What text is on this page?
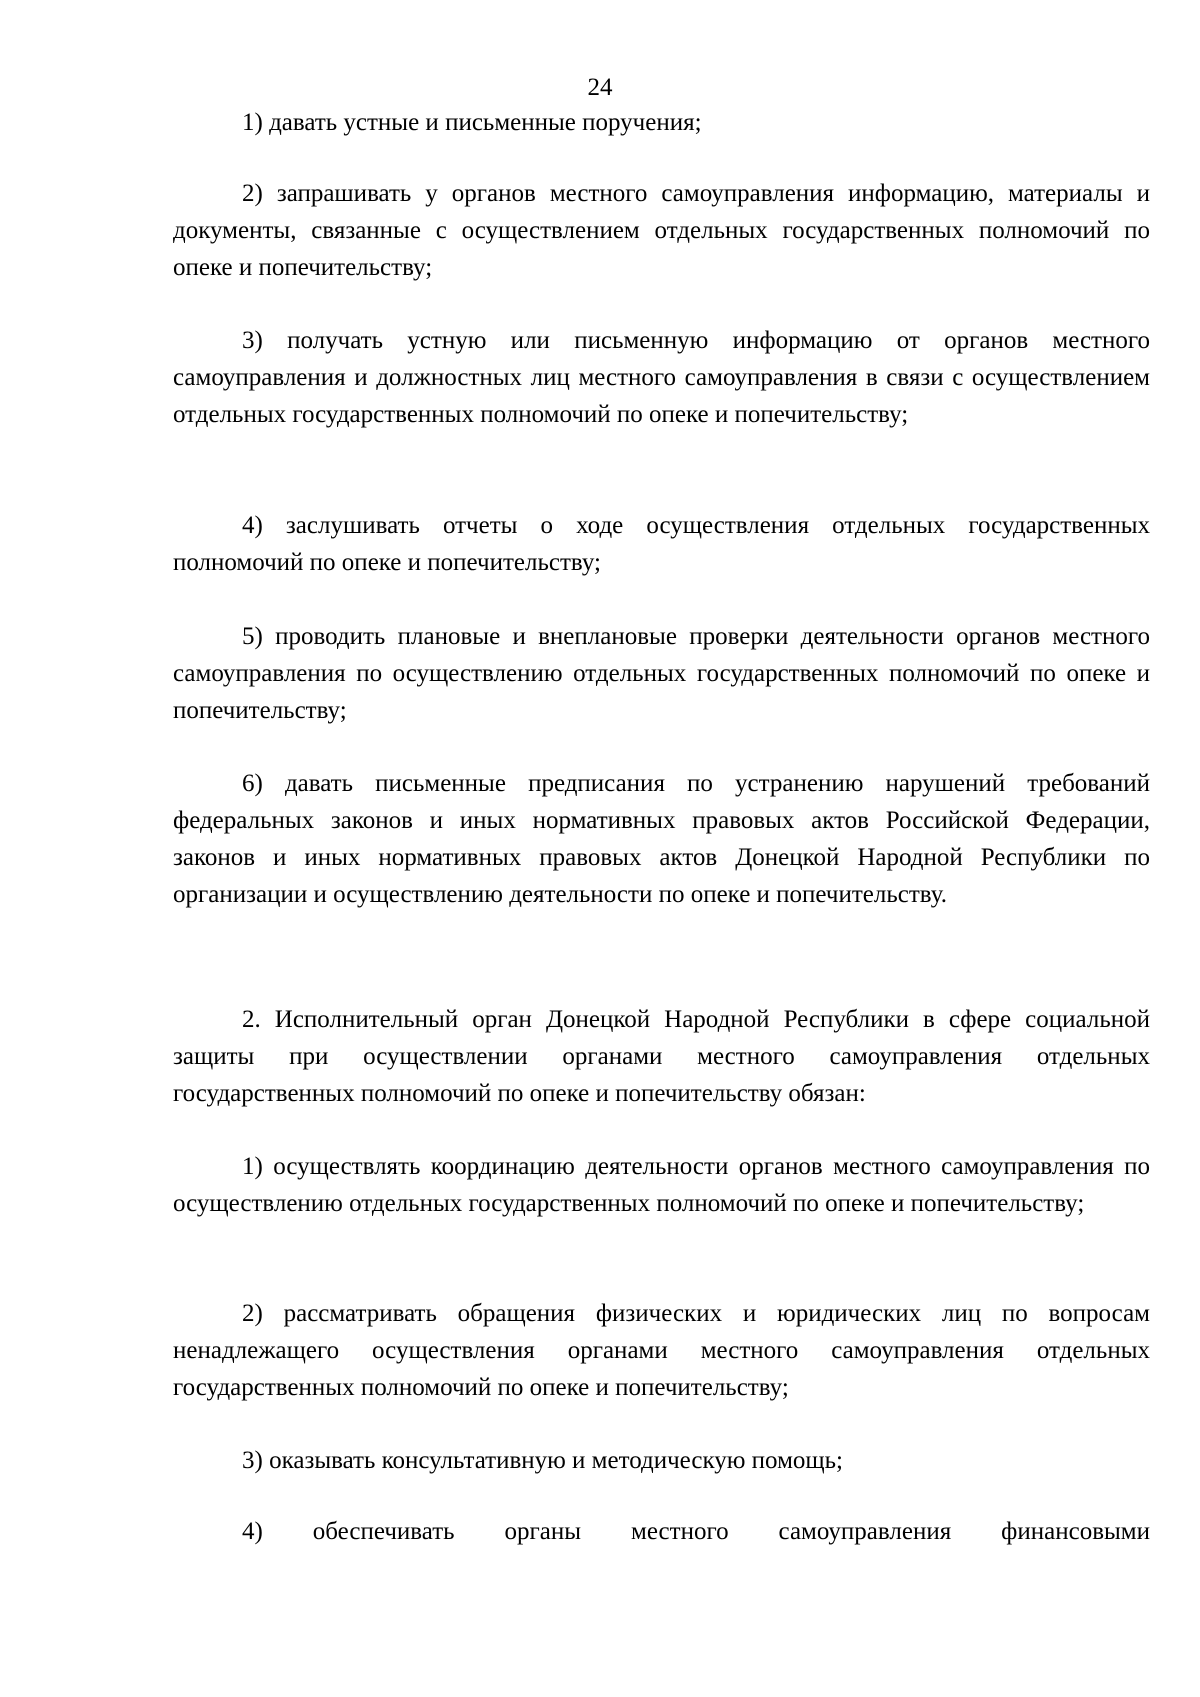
24

1) давать устные и письменные поручения;

2) запрашивать у органов местного самоуправления информацию, материалы и документы, связанные с осуществлением отдельных государственных полномочий по опеке и попечительству;

3) получать устную или письменную информацию от органов местного самоуправления и должностных лиц местного самоуправления в связи с осуществлением отдельных государственных полномочий по опеке и попечительству;

4) заслушивать отчеты о ходе осуществления отдельных государственных полномочий по опеке и попечительству;

5) проводить плановые и внеплановые проверки деятельности органов местного самоуправления по осуществлению отдельных государственных полномочий по опеке и попечительству;

6) давать письменные предписания по устранению нарушений требований федеральных законов и иных нормативных правовых актов Российской Федерации, законов и иных нормативных правовых актов Донецкой Народной Республики по организации и осуществлению деятельности по опеке и попечительству.

2. Исполнительный орган Донецкой Народной Республики в сфере социальной защиты при осуществлении органами местного самоуправления отдельных государственных полномочий по опеке и попечительству обязан:

1) осуществлять координацию деятельности органов местного самоуправления по осуществлению отдельных государственных полномочий по опеке и попечительству;

2) рассматривать обращения физических и юридических лиц по вопросам ненадлежащего осуществления органами местного самоуправления отдельных государственных полномочий по опеке и попечительству;

3) оказывать консультативную и методическую помощь;

4) обеспечивать органы местного самоуправления финансовыми
